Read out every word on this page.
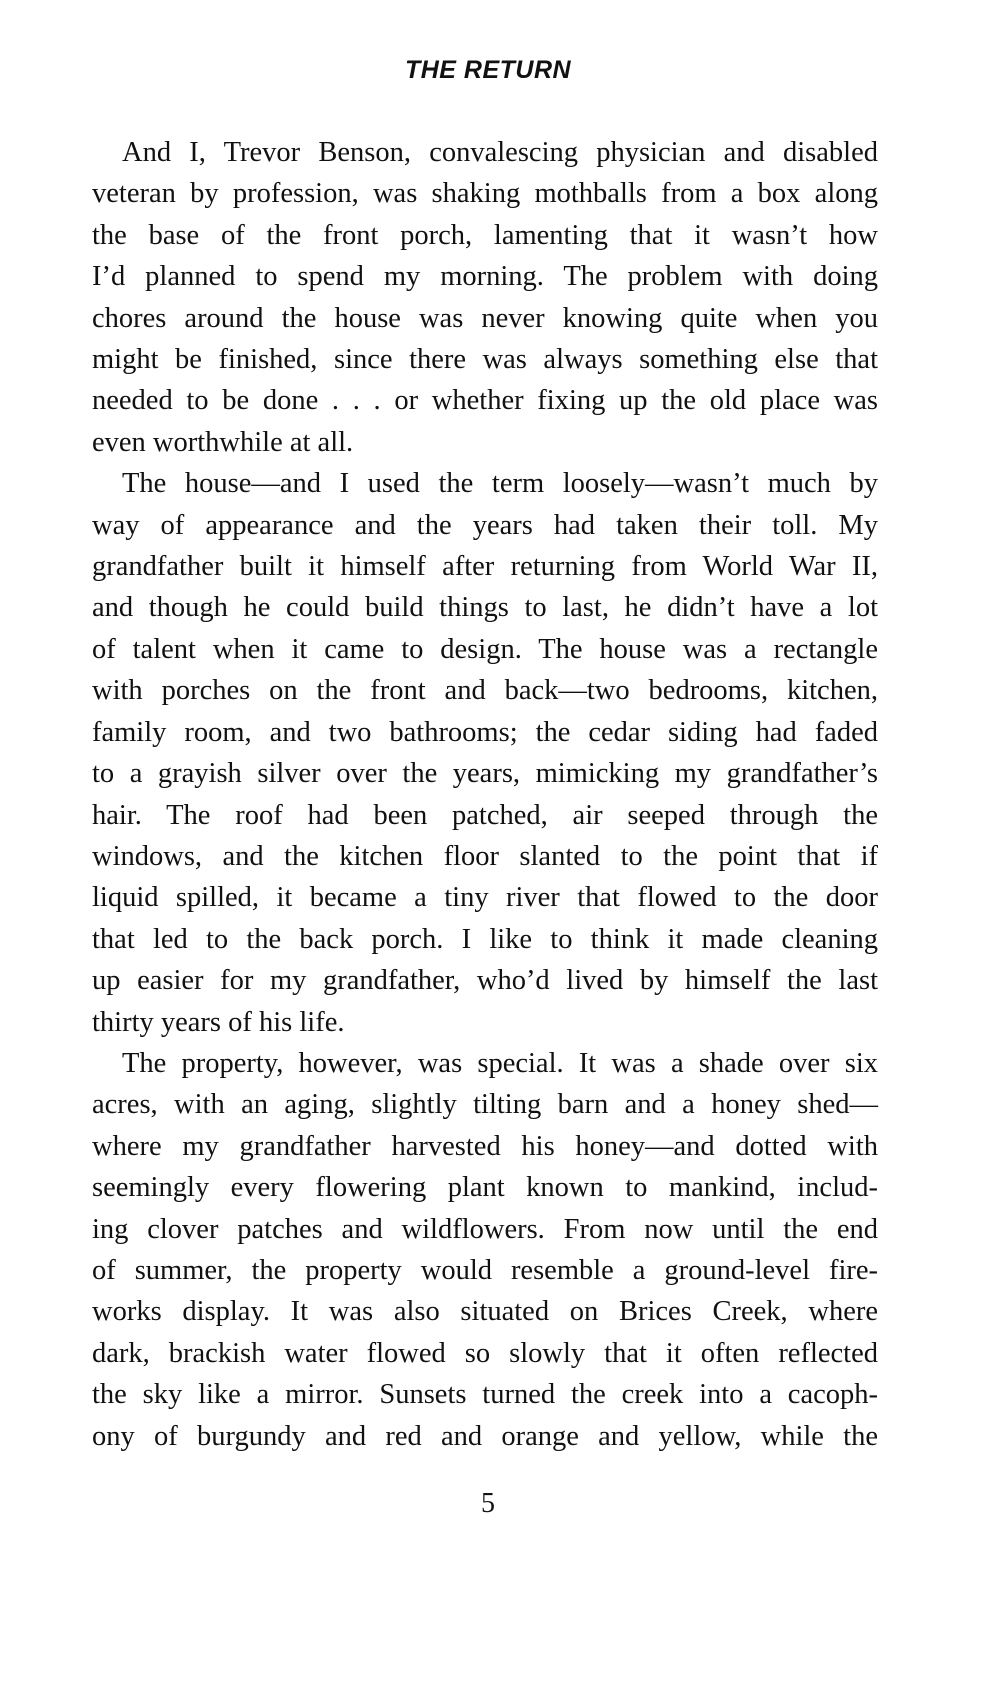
THE RETURN

And I, Trevor Benson, convalescing physician and disabled
veteran by profession, was shaking mothballs from a box along
the base of the front porch, lamenting that it wasn’t how
I’d planned to spend my morning. The problem with doing
chores around the house was never knowing quite when you
might be finished, since there was always something else that
needed to be done . . . or whether fixing up the old place was
even worthwhile at all.

The house—and I used the term loosely—wasn’t much by
way of appearance and the years had taken their toll. My
grandfather built it himself after returning from World War II,
and though he could build things to last, he didn’t have a lot
of talent when it came to design. The house was a rectangle
with porches on the front and back—two bedrooms, kitchen,
family room, and two bathrooms; the cedar siding had faded
to a grayish silver over the years, mimicking my grandfather’s
hair. The roof had been patched, air seeped through the
windows, and the kitchen floor slanted to the point that if
liquid spilled, it became a tiny river that flowed to the door
that led to the back porch. I like to think it made cleaning
up easier for my grandfather, who’d lived by himself the last
thirty years of his life.

The property, however, was special. It was a shade over six
acres, with an aging, slightly tilting barn and a honey shed—
where my grandfather harvested his honey—and dotted with
seemingly every flowering plant known to mankind, includ-
ing clover patches and wildflowers. From now until the end
of summer, the property would resemble a ground-level fire-
works display. It was also situated on Brices Creek, where
dark, brackish water flowed so slowly that it often reflected
the sky like a mirror. Sunsets turned the creek into a cacoph-
ony of burgundy and red and orange and yellow, while the

5
